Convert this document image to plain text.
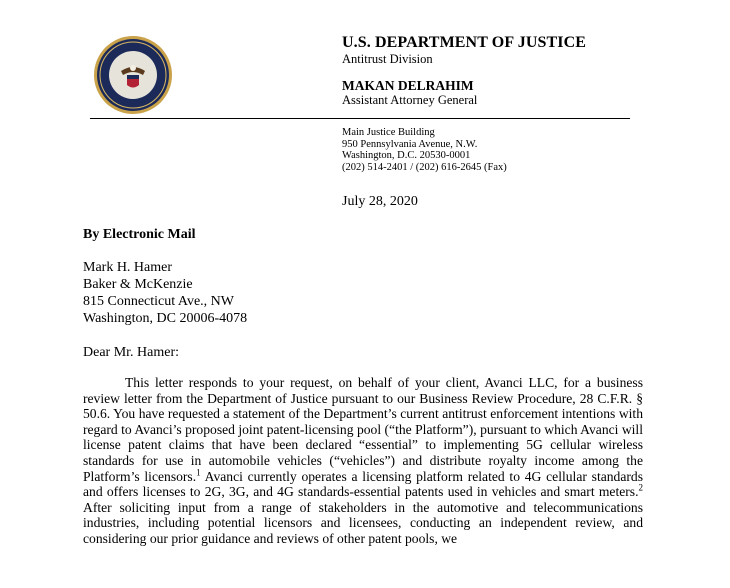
U.S. DEPARTMENT OF JUSTICE
Antitrust Division
MAKAN DELRAHIM
Assistant Attorney General
Main Justice Building
950 Pennsylvania Avenue, N.W.
Washington, D.C. 20530-0001
(202) 514-2401 / (202) 616-2645 (Fax)
July 28, 2020
By Electronic Mail
Mark H. Hamer
Baker & McKenzie
815 Connecticut Ave., NW
Washington, DC 20006-4078
Dear Mr. Hamer:

This letter responds to your request, on behalf of your client, Avanci LLC, for a business review letter from the Department of Justice pursuant to our Business Review Procedure, 28 C.F.R. § 50.6. You have requested a statement of the Department’s current antitrust enforcement intentions with regard to Avanci’s proposed joint patent-licensing pool (“the Platform”), pursuant to which Avanci will license patent claims that have been declared “essential” to implementing 5G cellular wireless standards for use in automobile vehicles (“vehicles”) and distribute royalty income among the Platform’s licensors.$^1$ Avanci currently operates a licensing platform related to 4G cellular standards and offers licenses to 2G, 3G, and 4G standards-essential patents used in vehicles and smart meters.$^2$ After soliciting input from a range of stakeholders in the automotive and telecommunications industries, including potential licensors and licensees, conducting an independent review, and considering our prior guidance and reviews of other patent pools, we
